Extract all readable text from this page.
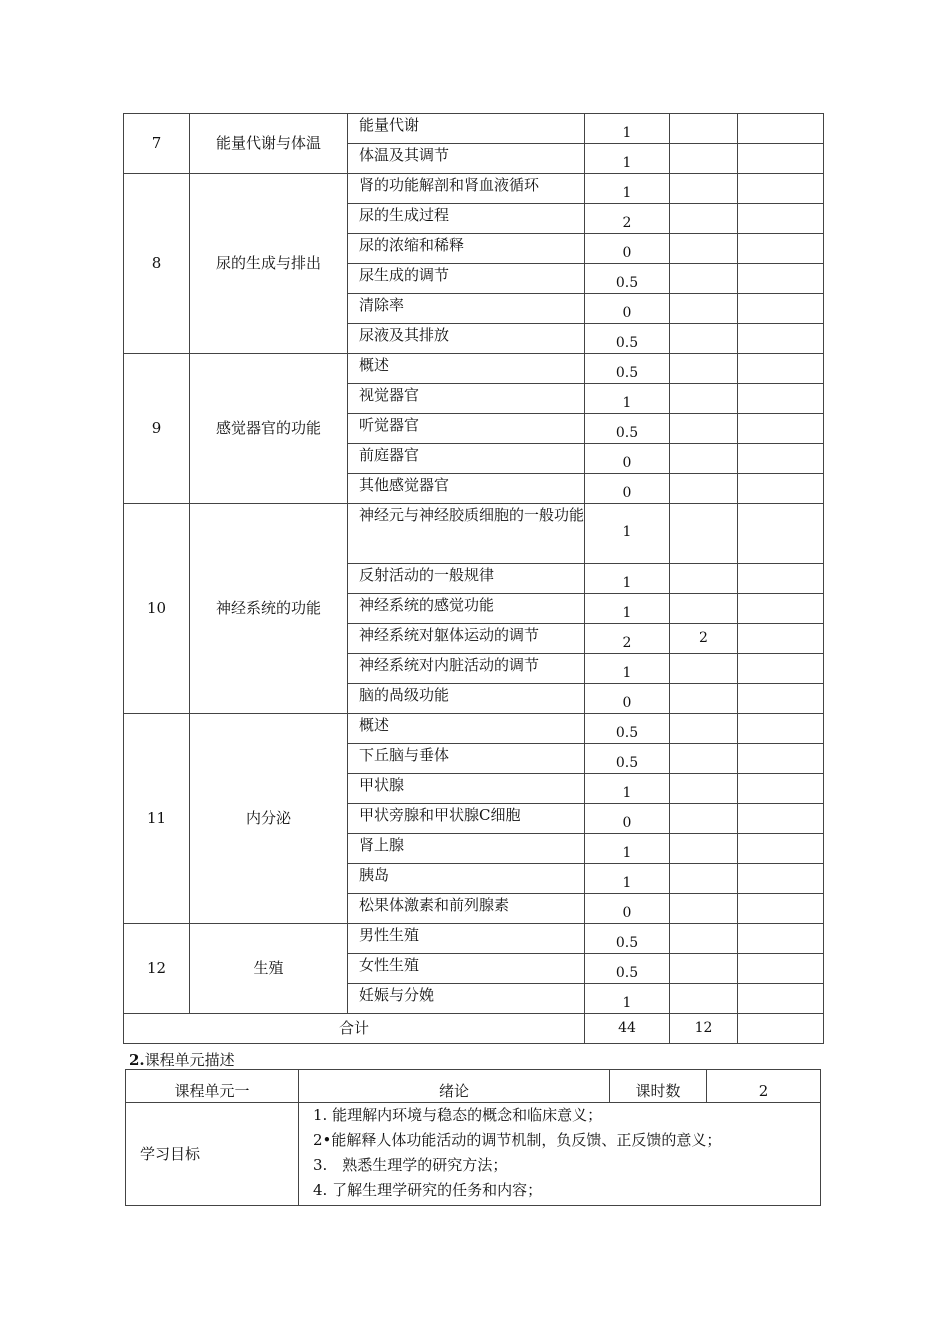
7	能量代谢与体温	能量代谢	1		
		体温及其调节	1		
8	尿的生成与排出	肾的功能解剖和肾血液循环	1		
		尿的生成过程	2		
		尿的浓缩和稀释	0		
		尿生成的调节	0.5		
		清除率	0		
		尿液及其排放	0.5		
9	感觉器官的功能	概述	0.5		
		视觉器官	1		
		听觉器官	0.5		
		前庭器官	0		
		其他感觉器官	0		
10	神经系统的功能	神经元与神经胶质细胞的一般功能	1		
		反射活动的一般规律	1		
		神经系统的感觉功能	1		
		神经系统对躯体运动的调节	2	2	
		神经系统对内脏活动的调节	1		
		脑的咼级功能	0		
11	内分泌	概述	0.5		
		下丘脑与垂体	0.5		
		甲状腺	1		
		甲状旁腺和甲状腺C细胞	0		
		肾上腺	1		
		胰岛	1		
		松果体激素和前列腺素	0		
12	生殖	男性生殖	0.5		
		女性生殖	0.5		
		妊娠与分娩	1		
合计			44	12	
2.课程单元描述
课程单元一	绪论	课时数	2
学习目标	1. 能理解内环境与稳态的概念和临床意义；
2•能解释人体功能活动的调节机制，负反馈、正反馈的意义；
3.　熟悉生理学的研究方法；
4. 了解生理学研究的任务和内容；		
